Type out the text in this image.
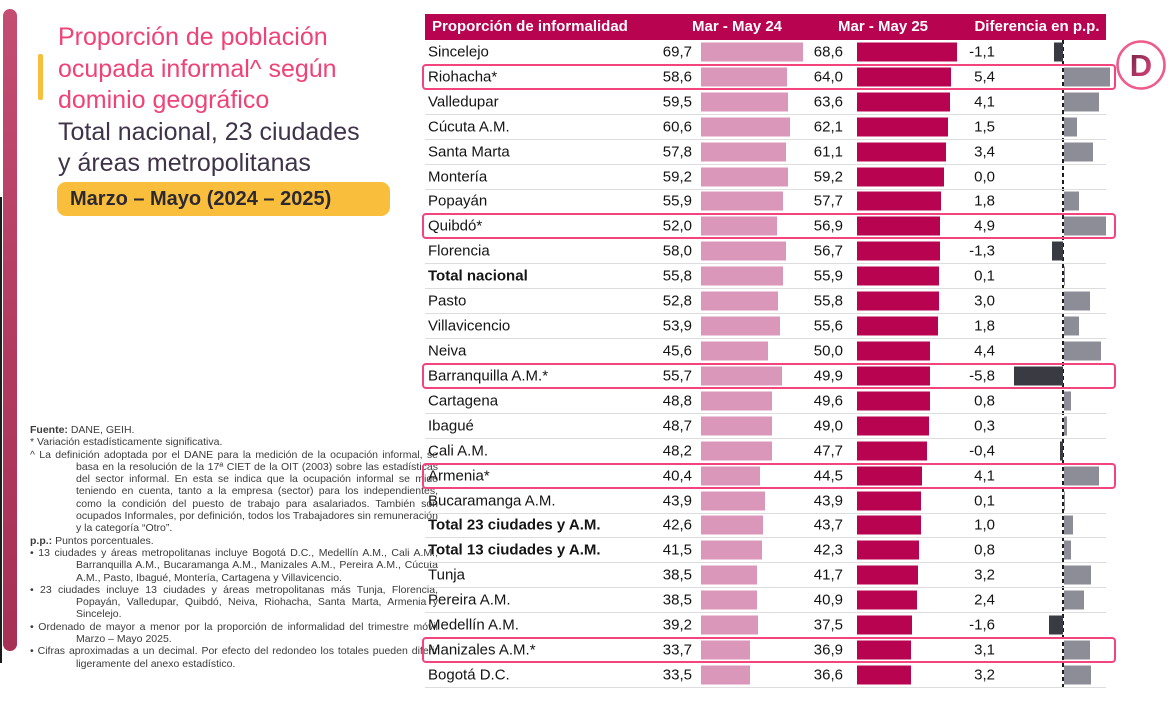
Proporción de población
ocupada informal^ según
dominio geográfico
Total nacional, 23 ciudades
y áreas metropolitanas
Marzo – Mayo (2024 – 2025)

Fuente: DANE, GEIH.

* Variación estadísticamente significativa.

^ La definición adoptada por el DANE para la medición de la ocupación informal, se basa en la resolución de la 17ª CIET de la OIT (2003) sobre las estadísticas del sector informal. En esta se indica que la ocupación informal se mide teniendo en cuenta, tanto a la empresa (sector) para los independientes, como la condición del puesto de trabajo para asalariados. También son ocupados Informales, por definición, todos los Trabajadores sin remuneración y la categoría “Otro”.

p.p.: Puntos porcentuales.

• 13 ciudades y áreas metropolitanas incluye Bogotá D.C., Medellín A.M., Cali A.M., Barranquilla A.M., Bucaramanga A.M., Manizales A.M., Pereira A.M., Cúcuta A.M., Pasto, Ibagué, Montería, Cartagena y Villavicencio.

• 23 ciudades incluye 13 ciudades y áreas metropolitanas más Tunja, Florencia, Popayán, Valledupar, Quibdó, Neiva, Riohacha, Santa Marta, Armenia y Sincelejo.

• Ordenado de mayor a menor por la proporción de informalidad del trimestre móvil Marzo – Mayo 2025.

• Cifras aproximadas a un decimal. Por efecto del redondeo los totales pueden diferir ligeramente del anexo estadístico.

Proporción de informalidad	Mar - May 24	Mar - May 25	Diferencia en p.p.
Sincelejo	69,7	68,6	-1,1
Riohacha*	58,6	64,0	5,4
Valledupar	59,5	63,6	4,1
Cúcuta A.M.	60,6	62,1	1,5
Santa Marta	57,8	61,1	3,4
Montería	59,2	59,2	0,0
Popayán	55,9	57,7	1,8
Quibdó*	52,0	56,9	4,9
Florencia	58,0	56,7	-1,3
Total nacional	55,8	55,9	0,1
Pasto	52,8	55,8	3,0
Villavicencio	53,9	55,6	1,8
Neiva	45,6	50,0	4,4
Barranquilla A.M.*	55,7	49,9	-5,8
Cartagena	48,8	49,6	0,8
Ibagué	48,7	49,0	0,3
Cali A.M.	48,2	47,7	-0,4
Armenia*	40,4	44,5	4,1
Bucaramanga A.M.	43,9	43,9	0,1
Total 23 ciudades y A.M.	42,6	43,7	1,0
Total 13 ciudades y A.M.	41,5	42,3	0,8
Tunja	38,5	41,7	3,2
Pereira A.M.	38,5	40,9	2,4
Medellín A.M.	39,2	37,5	-1,6
Manizales A.M.*	33,7	36,9	3,1
Bogotá D.C.	33,5	36,6	3,2
D
